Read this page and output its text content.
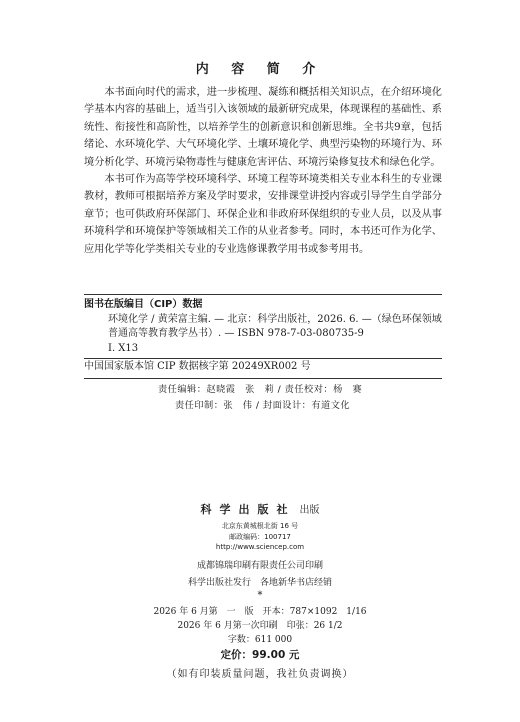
内 容 简 介

本书面向时代的需求，进一步梳理、凝练和概括相关知识点，在介绍环境化学基本内容的基础上，适当引入该领域的最新研究成果，体现课程的基础性、系统性、衔接性和高阶性，以培养学生的创新意识和创新思维。全书共9章，包括绪论、水环境化学、大气环境化学、土壤环境化学、典型污染物的环境行为、环境分析化学、环境污染物毒性与健康危害评估、环境污染修复技术和绿色化学。

本书可作为高等学校环境科学、环境工程等环境类相关专业本科生的专业课教材，教师可根据培养方案及学时要求，安排课堂讲授内容或引导学生自学部分章节；也可供政府环保部门、环保企业和非政府环保组织的专业人员，以及从事环境科学和环境保护等领域相关工作的从业者参考。同时，本书还可作为化学、应用化学等化学类相关专业的专业选修课教学用书或参考用书。

图书在版编目（CIP）数据
环境化学 / 黄荣富主编. — 北京：科学出版社，2026. 6. —（绿色环保领域普通高等教育教学丛书）. — ISBN 978-7-03-080735-9
Ⅰ. X13
中国国家版本馆 CIP 数据核字第 20249XR002 号
责任编辑：赵晓霞　张　莉 / 责任校对：杨　赛
责任印制：张　伟 / 封面设计：有道文化
科学出版社 出版
北京东黄城根北街 16 号
邮政编码：100717
http://www.sciencep.com
成都锦瑞印刷有限责任公司印刷
科学出版社发行　各地新华书店经销
*
2026 年 6 月第　一　版　开本：787×1092　1/16
2026 年 6 月第一次印刷　印张：26 1/2
字数：611 000
定价：99.00 元
（如有印装质量问题，我社负责调换）
